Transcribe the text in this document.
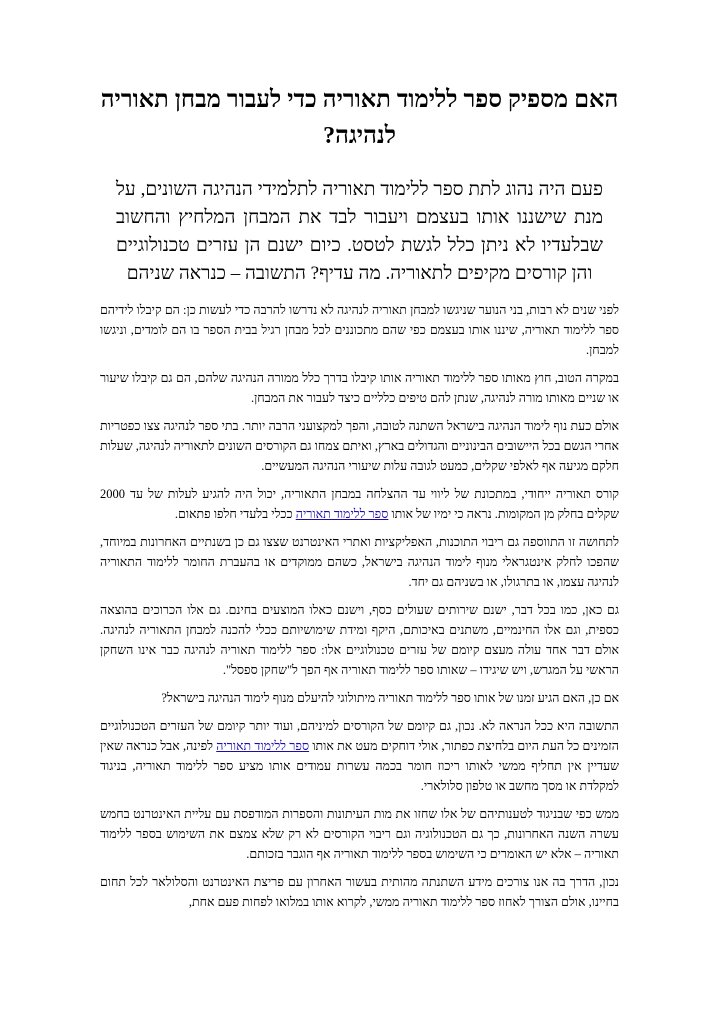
האם מספיק ספר ללימוד תאוריה כדי לעבור מבחן תאוריה לנהיגה?

פעם היה נהוג לתת ספר ללימוד תאוריה לתלמידי הנהיגה השונים, על מנת שישננו אותו בעצמם ויעבור לבד את המבחן המלחיץ והחשוב שבלעדיו לא ניתן כלל לגשת לטסט. כיום ישנם הן עזרים טכנולוגיים והן קורסים מקיפים לתאוריה. מה עדיף? התשובה – כנראה שניהם

לפני שנים לא רבות, בני הנוער שניגשו למבחן תאוריה לנהיגה לא נדרשו להרבה כדי לעשות כן: הם קיבלו לידיהם ספר ללימוד תאוריה, שיננו אותו בעצמם כפי שהם מתכוננים לכל מבחן רגיל בבית הספר בו הם לומדים, וניגשו למבחן.

במקרה הטוב, חוץ מאותו ספר ללימוד תאוריה אותו קיבלו בדרך כלל ממורה הנהיגה שלהם, הם גם קיבלו שיעור או שניים מאותו מורה לנהיגה, שנתן להם טיפים כלליים כיצד לעבור את המבחן.

אולם כעת נוף לימוד הנהיגה בישראל השתנה לטובה, והפך למקצועני הרבה יותר. בתי ספר לנהיגה צצו כפטריות אחרי הגשם בכל היישובים הבינוניים והגדולים בארץ, ואיתם צמחו גם הקורסים השונים לתאוריה לנהיגה, שעלות חלקם מגיעה אף לאלפי שקלים, כמעט לגובה עלות שיעורי הנהיגה המעשיים.

קורס תאוריה ייחודי, במתכונת של ליווי עד ההצלחה במבחן התאוריה, יכול היה להגיע לעלות של עד 2000 שקלים בחלק מן המקומות. נראה כי ימיו של אותו ספר ללימוד תאוריה ככלי בלעדי חלפו פתאום.

לתחושה זו התווספה גם ריבוי התוכנות, האפליקציות ואתרי האינטרנט שצצו גם כן בשנתיים האחרונות במיוחד, שהפכו לחלק אינטגראלי מנוף לימוד הנהיגה בישראל, כשהם ממוקדים או בהעברת החומר ללימוד התאוריה לנהיגה עצמו, או בתרגולו, או בשניהם גם יחד.

גם כאן, כמו בכל דבר, ישנם שירותים שעולים כסף, וישנם כאלו המוצעים בחינם. גם אלו הכרוכים בהוצאה כספית, וגם אלו החינמיים, משתנים באיכותם, היקף ומידת שימושיותם ככלי להכנה למבחן התאוריה לנהיגה. אולם דבר אחד עולה מעצם קיומם של עזרים טכנולוגיים אלו: ספר ללימוד תאוריה לנהיגה כבר אינו השחקן הראשי על המגרש, ויש שיגידו – שאותו ספר ללימוד תאוריה אף הפך ל"שחקן ספסל".

אם כן, האם הגיע זמנו של אותו ספר ללימוד תאוריה מיתולוגי להיעלם מנוף לימוד הנהיגה בישראל?

התשובה היא ככל הנראה לא. נכון, גם קיומם של הקורסים למיניהם, ועוד יותר קיומם של העזרים הטכנולוגיים הזמינים כל העת היום בלחיצת כפתור, אולי דוחקים מעט את אותו ספר ללימוד תאוריה לפינה, אבל כנראה שאין שעדיין אין תחליף ממשי לאותו ריכוז חומר בכמה עשרות עמודים אותו מציע ספר ללימוד תאוריה, בניגוד למקלדת או מסך מחשב או טלפון סלולארי.

ממש כפי שבניגוד לטענותיהם של אלו שחזו את מות העיתונות והספרות המודפסת עם עליית האינטרנט בחמש עשרה השנה האחרונות, כך גם הטכנולוגיה וגם ריבוי הקורסים לא רק שלא צמצם את השימוש בספר ללימוד תאוריה – אלא יש האומרים כי השימוש בספר ללימוד תאוריה אף הוגבר בזכותם.

נכון, הדרך בה אנו צורכים מידע השתנתה מהותית בעשור האחרון עם פריצת האינטרנט והסלולאר לכל תחום בחיינו, אולם הצורך לאחוז ספר ללימוד תאוריה ממשי, לקרוא אותו במלואו לפחות פעם אחת,
